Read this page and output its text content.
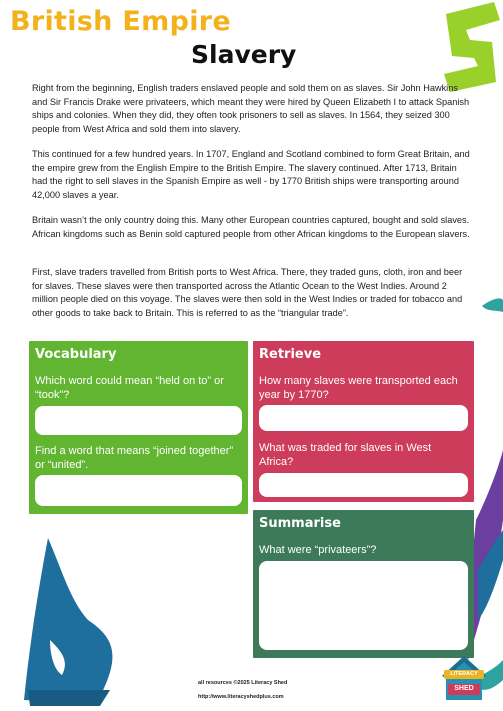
British Empire
Slavery

Right from the beginning, English traders enslaved people and sold them on as slaves. Sir John Hawkins and Sir Francis Drake were privateers, which meant they were hired by Queen Elizabeth I to attack Spanish ships and colonies. When they did, they often took prisoners to sell as slaves. In 1564, they seized 300 people from West Africa and sold them into slavery.

This continued for a few hundred years. In 1707, England and Scotland combined to form Great Britain, and the empire grew from the English Empire to the British Empire. The slavery continued. After 1713, Britain had the right to sell slaves in the Spanish Empire as well - by 1770 British ships were transporting around 42,000 slaves a year.

Britain wasn’t the only country doing this. Many other European countries captured, bought and sold slaves. African kingdoms such as Benin sold captured people from other African kingdoms to the European slavers.

First, slave traders travelled from British ports to West Africa. There, they traded guns, cloth, iron and beer for slaves. These slaves were then transported across the Atlantic Ocean to the West Indies. Around 2 million people died on this voyage. The slaves were then sold in the West Indies or traded for tobacco and other goods to take back to Britain. This is referred to as the “triangular trade”.

Vocabulary
Which word could mean “held on to” or “took”?
Find a word that means “joined together” or “united”.
Retrieve
How many slaves were transported each year by 1770?
What was traded for slaves in West Africa?
Summarise
What were “privateers”?
all resources ©2025 Literacy Shed
http://www.literacyshedplus.com
LITERACY
SHED
